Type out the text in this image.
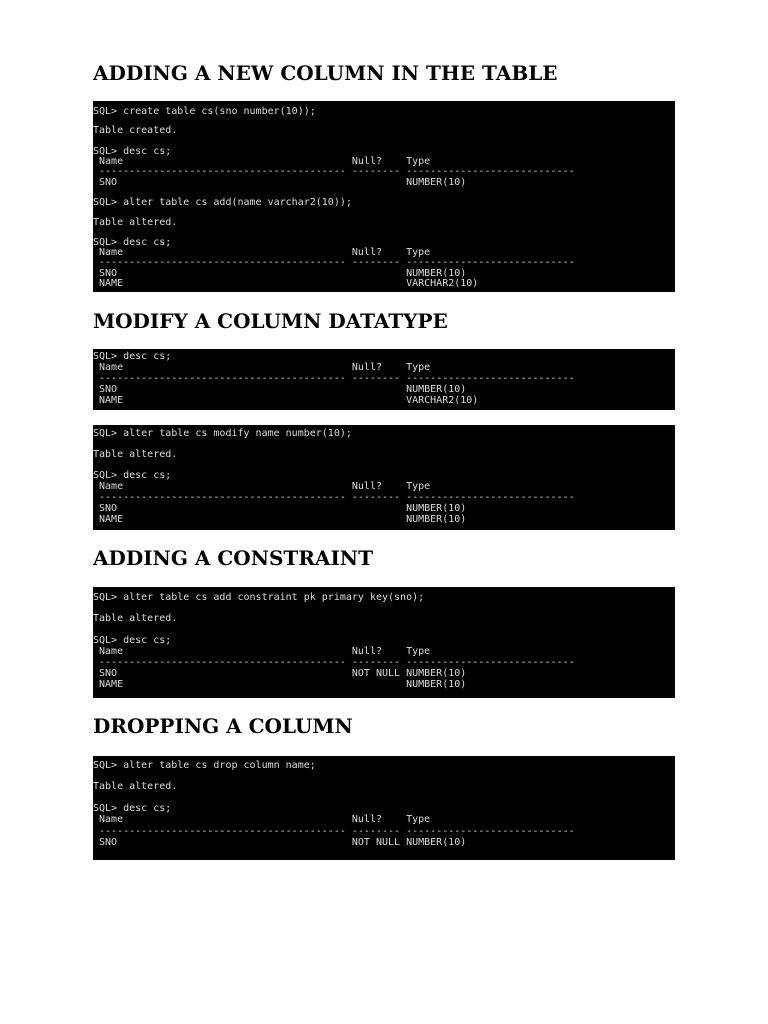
ADDING A NEW COLUMN IN THE TABLE
SQL> create table cs(sno number(10));
Table created.
SQL> desc cs;
Name                                      Null?    Type
----------------------------------------- -------- ----------------------------
SNO                                                NUMBER(10)
SQL> alter table cs add(name varchar2(10));
Table altered.
SQL> desc cs;
Name                                      Null?    Type
----------------------------------------- -------- ----------------------------
SNO                                                NUMBER(10)
NAME                                               VARCHAR2(10)
MODIFY A COLUMN DATATYPE
SQL> desc cs;
Name                                      Null?    Type
----------------------------------------- -------- ----------------------------
SNO                                                NUMBER(10)
NAME                                               VARCHAR2(10)
SQL> alter table cs modify name number(10);
Table altered.
SQL> desc cs;
Name                                      Null?    Type
----------------------------------------- -------- ----------------------------
SNO                                                NUMBER(10)
NAME                                               NUMBER(10)
ADDING A CONSTRAINT
SQL> alter table cs add constraint pk primary key(sno);
Table altered.
SQL> desc cs;
Name                                      Null?    Type
----------------------------------------- -------- ----------------------------
SNO                                       NOT NULL NUMBER(10)
NAME                                               NUMBER(10)
DROPPING A COLUMN
SQL> alter table cs drop column name;
Table altered.
SQL> desc cs;
Name                                      Null?    Type
----------------------------------------- -------- ----------------------------
SNO                                       NOT NULL NUMBER(10)
